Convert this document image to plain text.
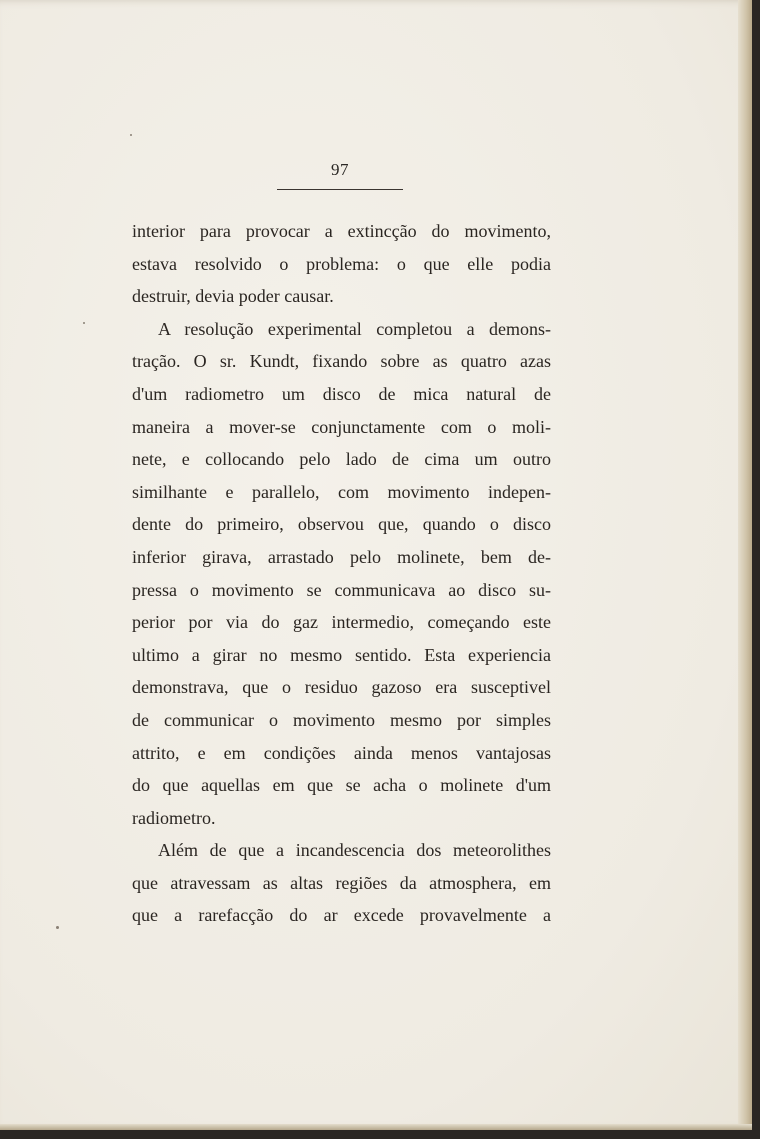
97
interior para provocar a extincção do movimento,
estava resolvido o problema: o que elle podia
destruir, devia poder causar.
A resolução experimental completou a demons-
tração. O sr. Kundt, fixando sobre as quatro azas
d'um radiometro um disco de mica natural de
maneira a mover-se conjunctamente com o moli-
nete, e collocando pelo lado de cima um outro
similhante e parallelo, com movimento indepen-
dente do primeiro, observou que, quando o disco
inferior girava, arrastado pelo molinete, bem de-
pressa o movimento se communicava ao disco su-
perior por via do gaz intermedio, começando este
ultimo a girar no mesmo sentido. Esta experiencia
demonstrava, que o residuo gazoso era susceptivel
de communicar o movimento mesmo por simples
attrito, e em condições ainda menos vantajosas
do que aquellas em que se acha o molinete d'um
radiometro.
Além de que a incandescencia dos meteorolithes
que atravessam as altas regiões da atmosphera, em
que a rarefacção do ar excede provavelmente a
